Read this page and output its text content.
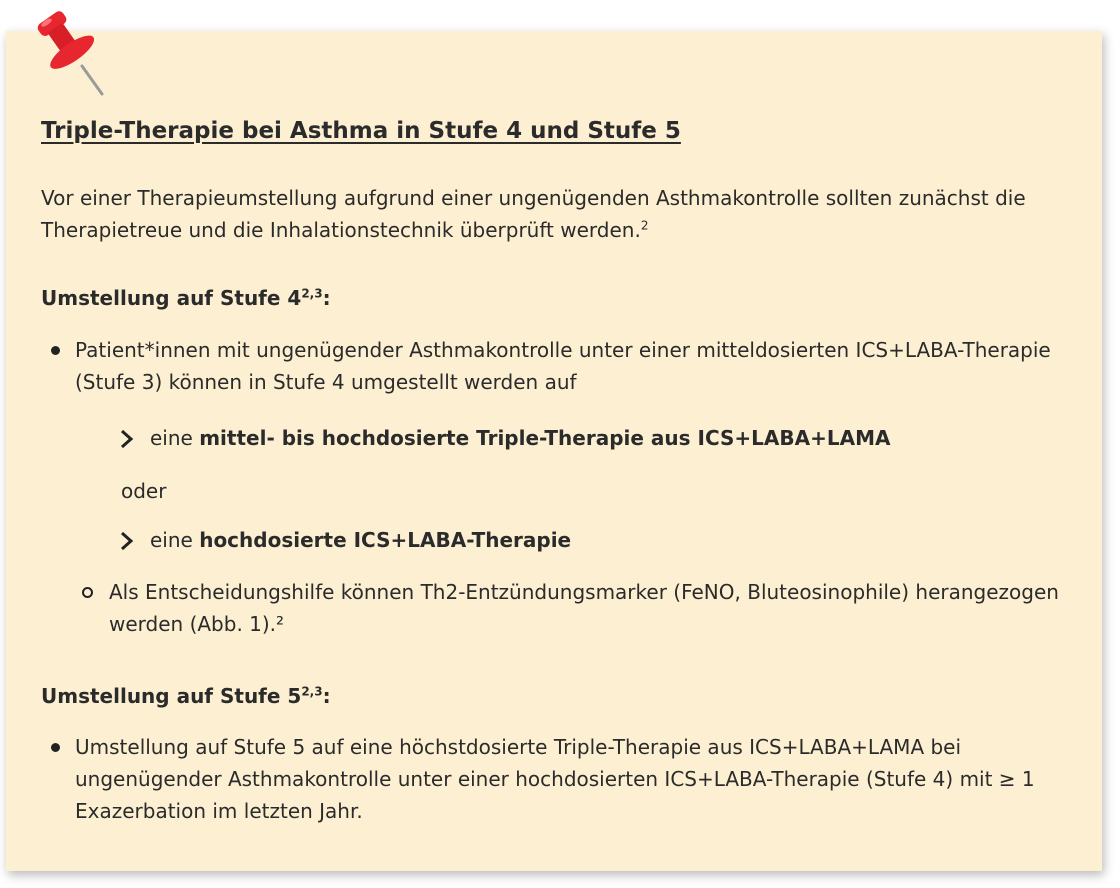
Triple-Therapie bei Asthma in Stufe 4 und Stufe 5

Vor einer Therapieumstellung aufgrund einer ungenügenden Asthmakontrolle sollten zunächst die Therapietreue und die Inhalationstechnik überprüft werden.$^2$

Umstellung auf Stufe 4$^{2,3}$:
Patient*innen mit ungenügender Asthmakontrolle unter einer mitteldosierten ICS+LABA-Therapie (Stufe 3) können in Stufe 4 umgestellt werden auf
eine mittel- bis hochdosierte Triple-Therapie aus ICS+LABA+LAMA
oder
eine hochdosierte ICS+LABA-Therapie
Als Entscheidungshilfe können Th2-Entzündungsmarker (FeNO, Bluteosinophile) herangezogen werden (Abb. 1).²
Umstellung auf Stufe 5$^{2,3}$:
Umstellung auf Stufe 5 auf eine höchstdosierte Triple-Therapie aus ICS+LABA+LAMA bei ungenügender Asthmakontrolle unter einer hochdosierten ICS+LABA-Therapie (Stufe 4) mit ≥ 1 Exazerbation im letzten Jahr.
